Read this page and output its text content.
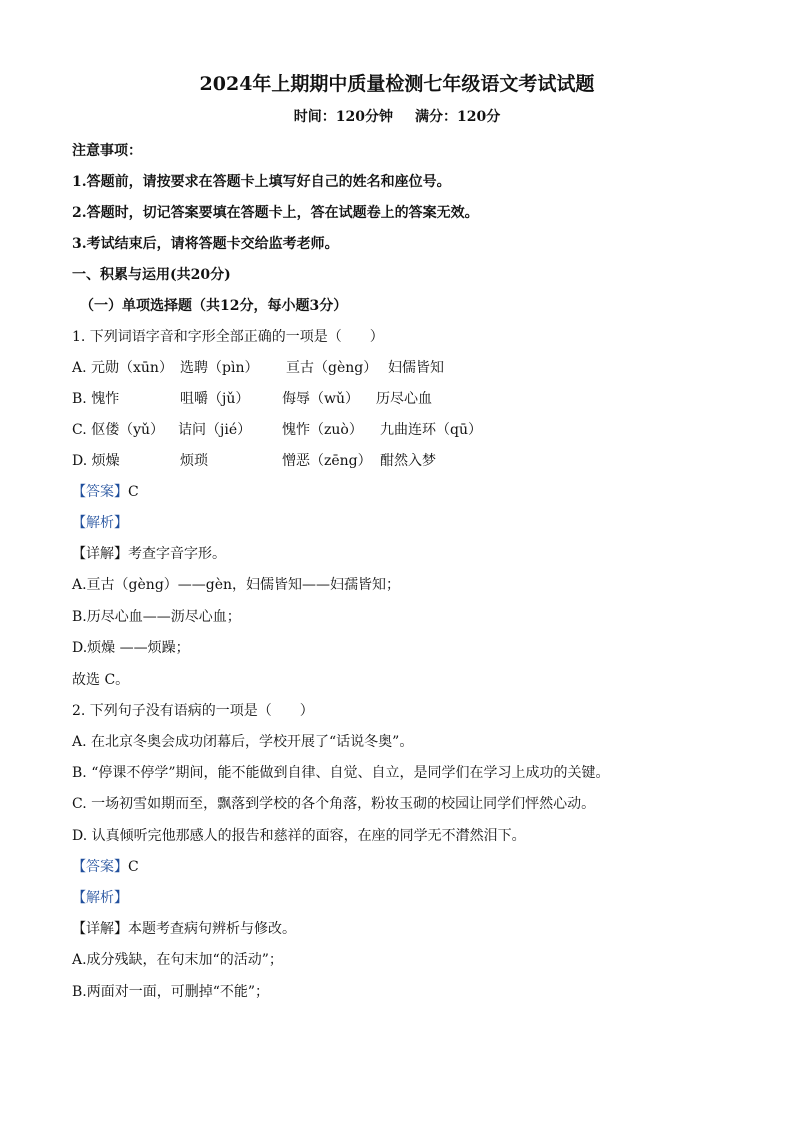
2024年上期期中质量检测七年级语文考试试题
时间：120分钟 满分：120分
注意事项：
1.答题前，请按要求在答题卡上填写好自己的姓名和座位号。
2.答题时，切记答案要填在答题卡上，答在试题卷上的答案无效。
3.考试结束后，请将答题卡交给监考老师。
一、积累与运用(共20分)
（一）单项选择题（共12分，每小题3分）
1. 下列词语字音和字形全部正确的一项是（　　）
A. 元勋（xūn） 选聘（pìn） 亘古（gèng） 妇儒皆知
B. 愧怍	咀嚼（jǔ） 侮辱（wǔ） 历尽心血
C. 伛偻（yǔ） 诘问（jié） 愧怍（zuò） 九曲连环（qū）
D. 烦燥	烦琐	憎恶（zēng） 酣然入梦
【答案】C
【解析】
【详解】考查字音字形。
A.亘古（gèng）——gèn，妇儒皆知——妇孺皆知；
B.历尽心血——沥尽心血；
D.烦燥 ——烦躁；
故选 C。
2. 下列句子没有语病的一项是（　　）
A. 在北京冬奥会成功闭幕后，学校开展了“话说冬奥”。
B. “停课不停学”期间，能不能做到自律、自觉、自立，是同学们在学习上成功的关键。
C. 一场初雪如期而至，飘落到学校的各个角落，粉妆玉砌的校园让同学们怦然心动。
D. 认真倾听完他那感人的报告和慈祥的面容，在座的同学无不潸然泪下。
【答案】C
【解析】
【详解】本题考查病句辨析与修改。
A.成分残缺，在句末加“的活动”；
B.两面对一面，可删掉“不能”；
